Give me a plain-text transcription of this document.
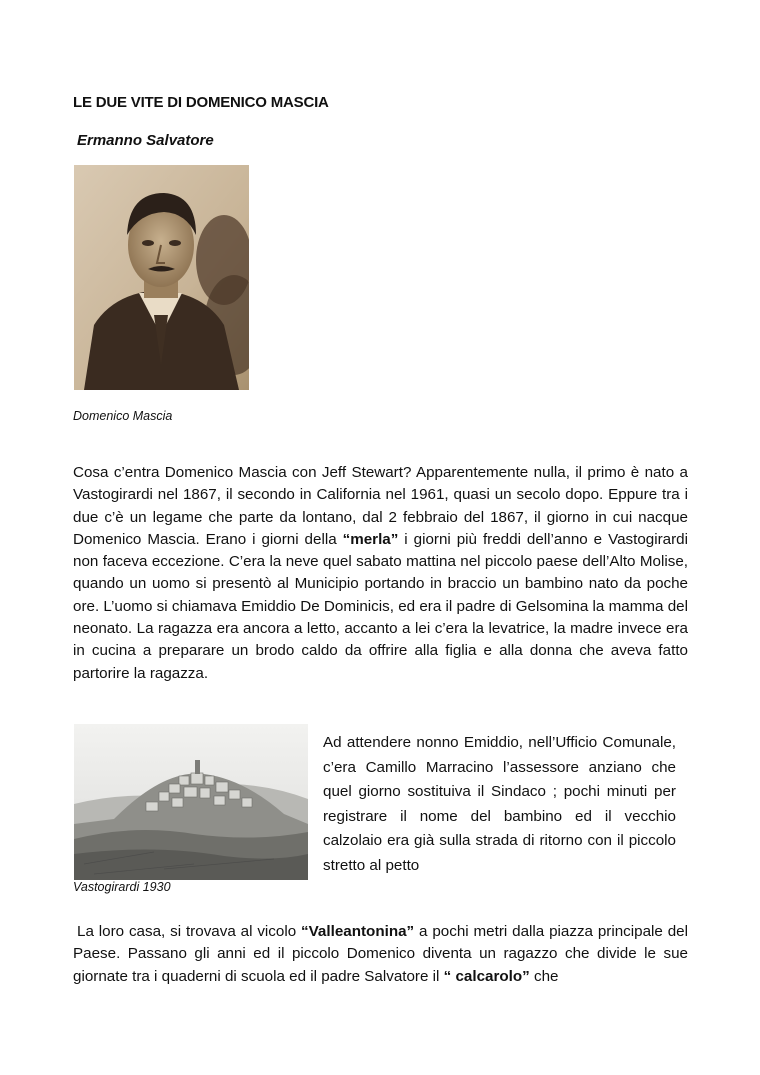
LE DUE VITE DI DOMENICO MASCIA
Ermanno Salvatore
Domenico Mascia
Cosa c’entra Domenico Mascia con Jeff Stewart? Apparentemente nulla, il primo è nato a Vastogirardi nel 1867, il secondo in California nel 1961, quasi un secolo dopo. Eppure tra i due c’è un legame che parte da lontano, dal 2 febbraio del 1867, il giorno in cui nacque Domenico Mascia. Erano i giorni della “merla” i giorni più freddi dell’anno e Vastogirardi non faceva eccezione. C’era la neve quel sabato mattina nel piccolo paese dell’Alto Molise, quando un uomo si presentò al Municipio portando in braccio un bambino nato da poche ore. L’uomo si chiamava Emiddio De Dominicis, ed era il padre di Gelsomina la mamma del neonato. La ragazza era ancora a letto, accanto a lei c’era la levatrice, la madre invece era in cucina a preparare un brodo caldo da offrire alla figlia e alla donna che aveva fatto partorire la ragazza.
Vastogirardi 1930
Ad attendere nonno Emiddio, nell’Ufficio Comunale, c’era Camillo Marracino l’assessore anziano che quel giorno sostituiva il Sindaco ; pochi minuti per registrare il nome del bambino ed il vecchio calzolaio era già sulla strada di ritorno con il piccolo stretto al petto
La loro casa, si trovava al vicolo “Valleantonina” a pochi metri dalla piazza principale del Paese. Passano gli anni ed il piccolo Domenico diventa un ragazzo che divide le sue giornate tra i quaderni di scuola ed il padre Salvatore il “ calcarolo” che
